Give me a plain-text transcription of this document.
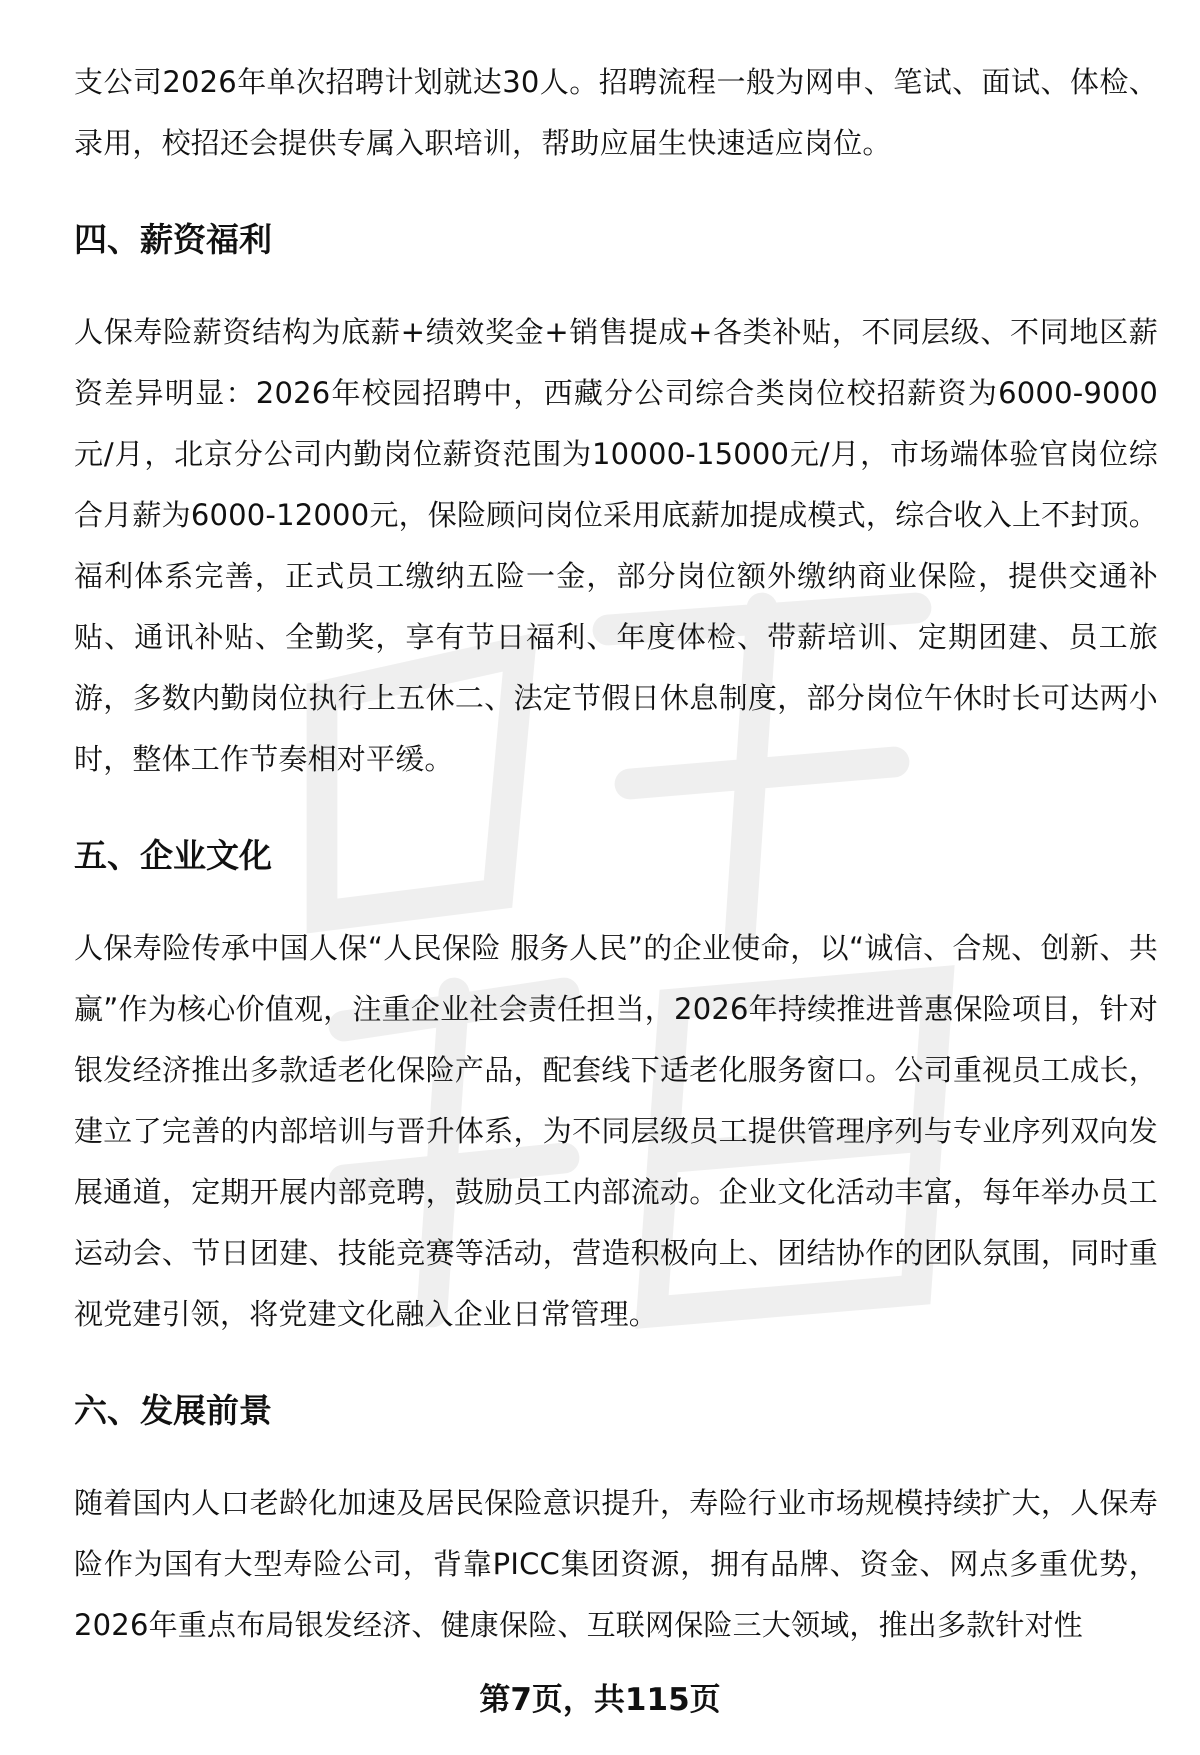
支公司2026年单次招聘计划就达30人。招聘流程一般为网申、笔试、面试、体检、录用，校招还会提供专属入职培训，帮助应届生快速适应岗位。

四、薪资福利

人保寿险薪资结构为底薪+绩效奖金+销售提成+各类补贴，不同层级、不同地区薪资差异明显：2026年校园招聘中，西藏分公司综合类岗位校招薪资为6000-9000元/月，北京分公司内勤岗位薪资范围为10000-15000元/月，市场端体验官岗位综合月薪为6000-12000元，保险顾问岗位采用底薪加提成模式，综合收入上不封顶。福利体系完善，正式员工缴纳五险一金，部分岗位额外缴纳商业保险，提供交通补贴、通讯补贴、全勤奖，享有节日福利、年度体检、带薪培训、定期团建、员工旅游，多数内勤岗位执行上五休二、法定节假日休息制度，部分岗位午休时长可达两小时，整体工作节奏相对平缓。

五、企业文化

人保寿险传承中国人保“人民保险 服务人民”的企业使命，以“诚信、合规、创新、共赢”作为核心价值观，注重企业社会责任担当，2026年持续推进普惠保险项目，针对银发经济推出多款适老化保险产品，配套线下适老化服务窗口。公司重视员工成长，建立了完善的内部培训与晋升体系，为不同层级员工提供管理序列与专业序列双向发展通道，定期开展内部竞聘，鼓励员工内部流动。企业文化活动丰富，每年举办员工运动会、节日团建、技能竞赛等活动，营造积极向上、团结协作的团队氛围，同时重视党建引领，将党建文化融入企业日常管理。

六、发展前景

随着国内人口老龄化加速及居民保险意识提升，寿险行业市场规模持续扩大，人保寿险作为国有大型寿险公司，背靠PICC集团资源，拥有品牌、资金、网点多重优势，2026年重点布局银发经济、健康保险、互联网保险三大领域，推出多款针对性

第7页，共115页
